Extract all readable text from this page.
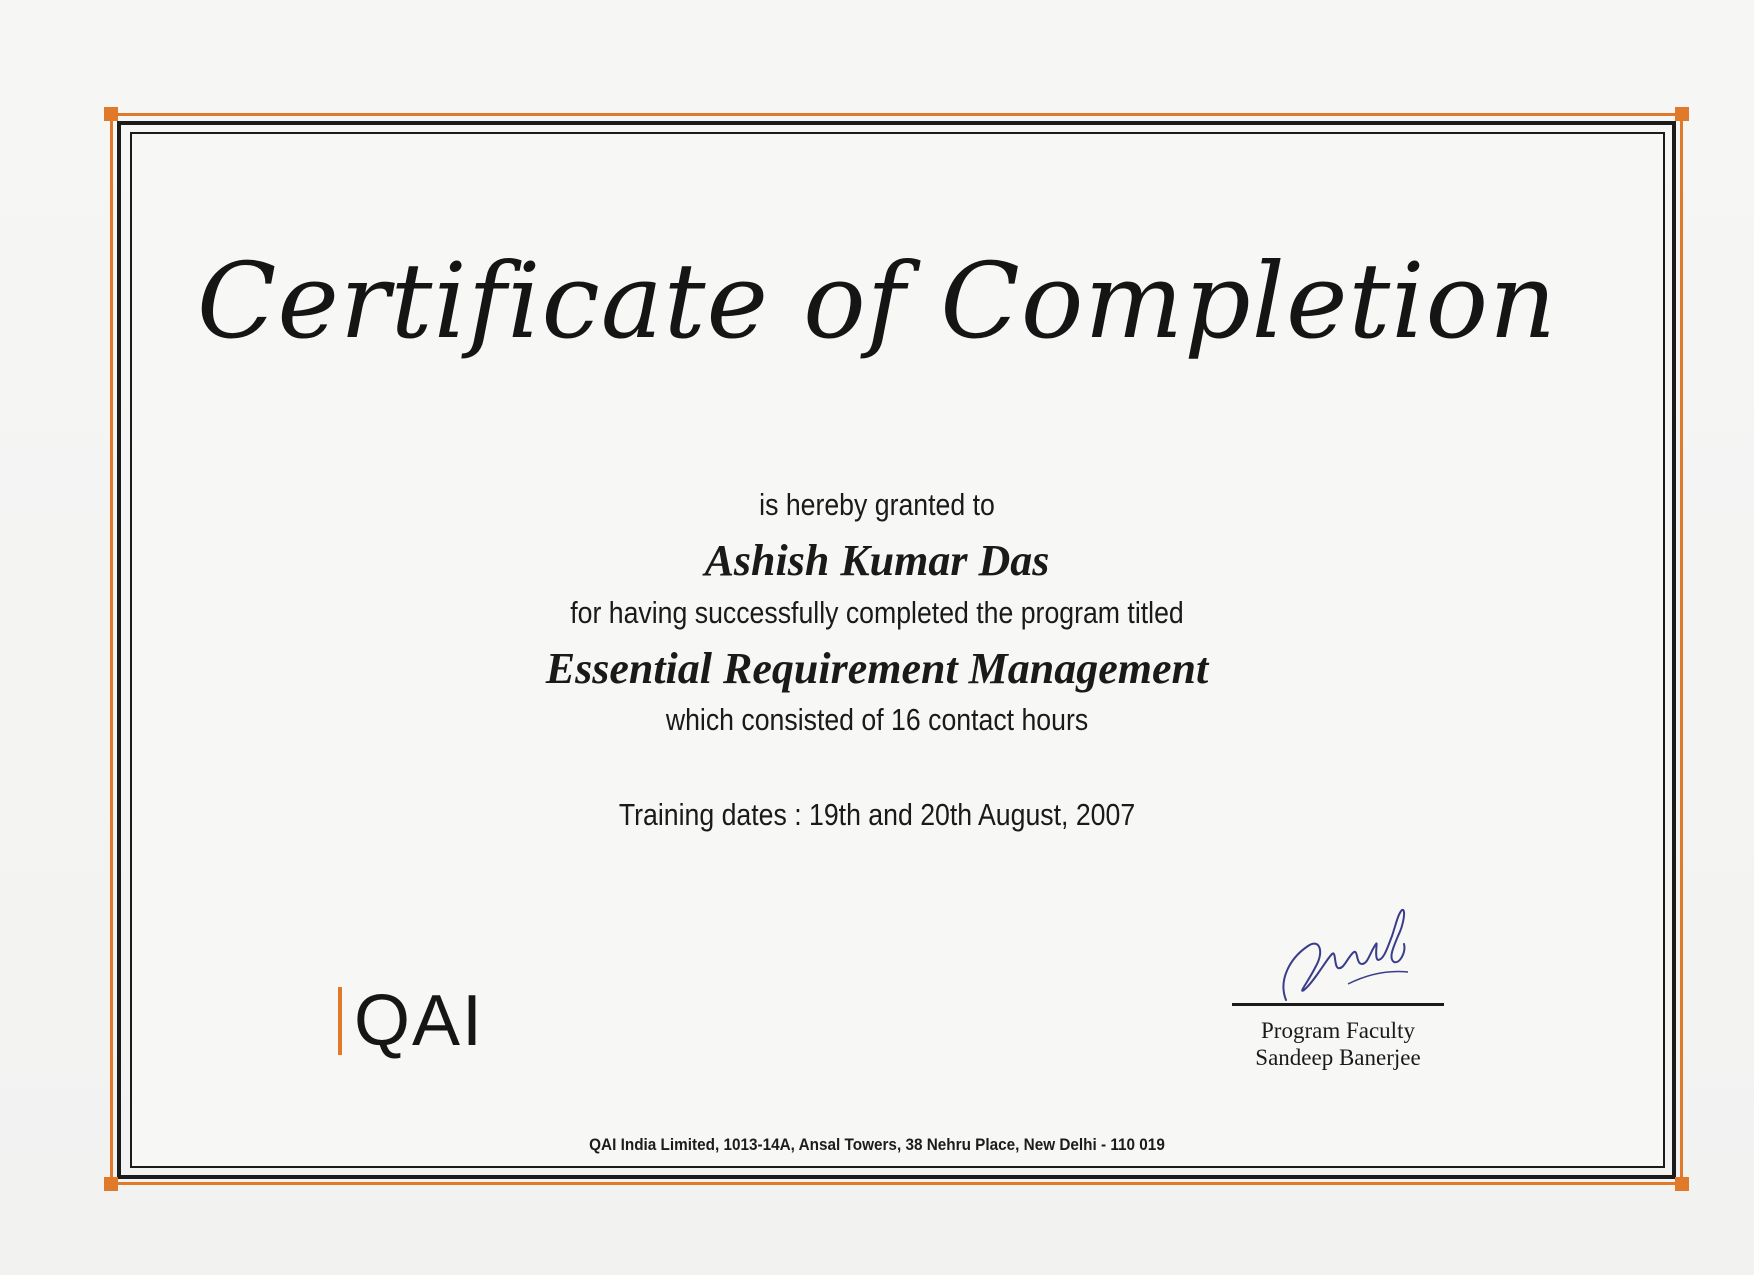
Certificate of Completion
is hereby granted to
Ashish Kumar Das
for having successfully completed the program titled
Essential Requirement Management
which consisted of 16 contact hours
Training dates : 19th and 20th August, 2007
QAI	Program Faculty
Sandeep Banerjee
QAI India Limited, 1013-14A, Ansal Towers, 38 Nehru Place, New Delhi - 110 019
